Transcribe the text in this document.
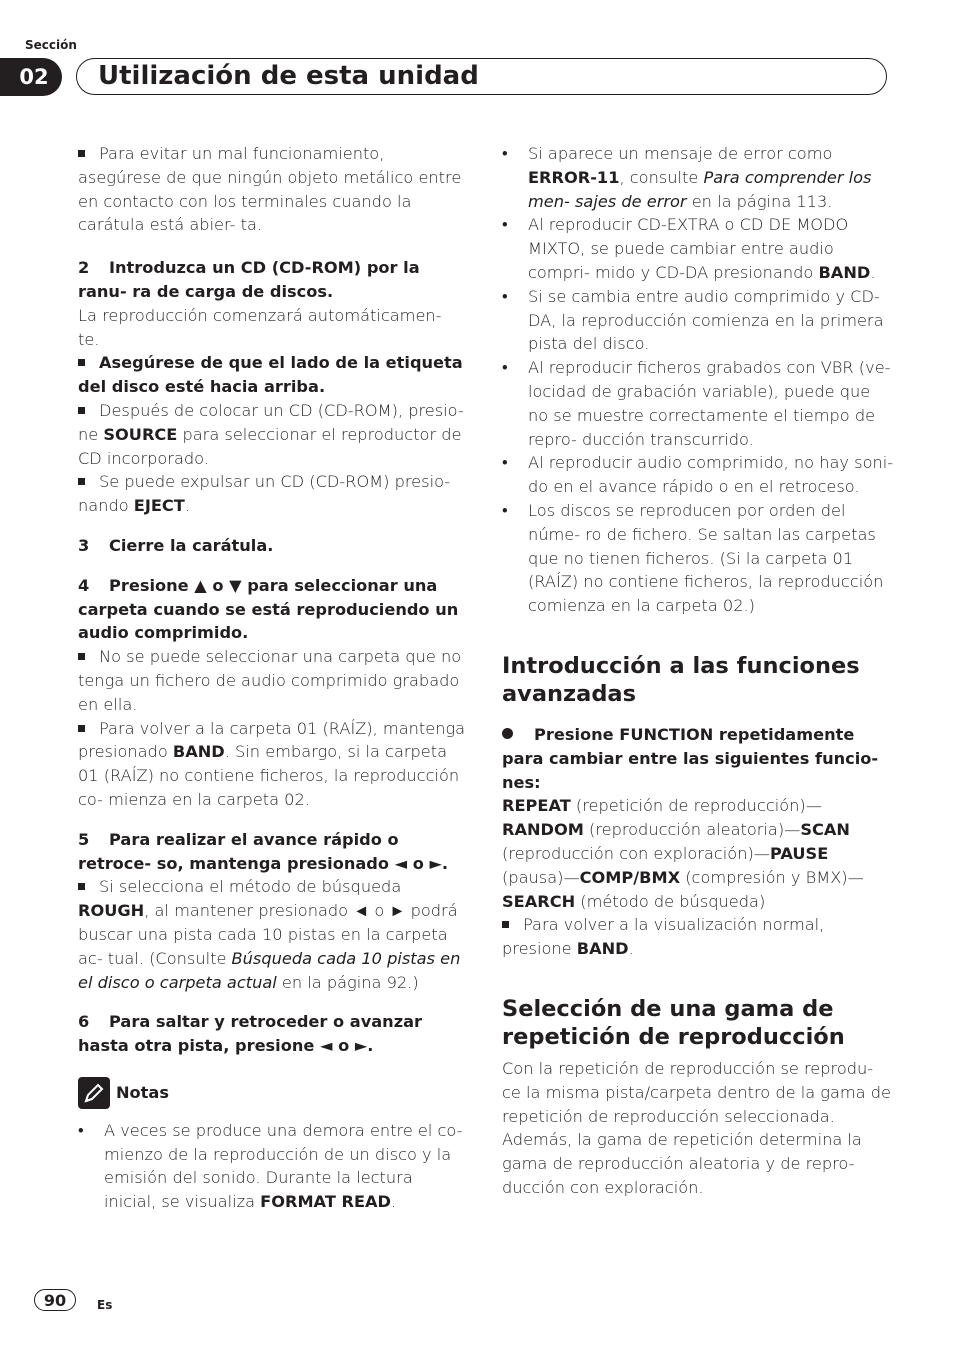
Sección
02	Utilización de esta unidad

Para evitar un mal funcionamiento, asegúrese de que ningún objeto metálico entre en contacto con los terminales cuando la carátula está abier- ta.

2 Introduzca un CD (CD-ROM) por la ranu- ra de carga de discos.

La reproducción comenzará automáticamen- te.

Asegúrese de que el lado de la etiqueta del disco esté hacia arriba.

Después de colocar un CD (CD-ROM), presio- ne SOURCE para seleccionar el reproductor de CD incorporado.

Se puede expulsar un CD (CD-ROM) presio- nando EJECT.

3 Cierre la carátula.

4 Presione ▲ o ▼ para seleccionar una carpeta cuando se está reproduciendo un audio comprimido.

No se puede seleccionar una carpeta que no tenga un fichero de audio comprimido grabado en ella.

Para volver a la carpeta 01 (RAÍZ), mantenga presionado BAND. Sin embargo, si la carpeta 01 (RAÍZ) no contiene ficheros, la reproducción co- mienza en la carpeta 02.

5 Para realizar el avance rápido o retroce- so, mantenga presionado ◄ o ►.

Si selecciona el método de búsqueda ROUGH, al mantener presionado ◄ o ► podrá buscar una pista cada 10 pistas en la carpeta ac- tual. (Consulte Búsqueda cada 10 pistas en el disco o carpeta actual en la página 92.)

6 Para saltar y retroceder o avanzar hasta otra pista, presione ◄ o ►.

Notas

• A veces se produce una demora entre el co- mienzo de la reproducción de un disco y la emisión del sonido. Durante la lectura inicial, se visualiza FORMAT READ.

• Si aparece un mensaje de error como ERROR-11, consulte Para comprender los men- sajes de error en la página 113.

• Al reproducir CD-EXTRA o CD DE MODO MIXTO, se puede cambiar entre audio compri- mido y CD-DA presionando BAND.

• Si se cambia entre audio comprimido y CD- DA, la reproducción comienza en la primera pista del disco.

• Al reproducir ficheros grabados con VBR (ve- locidad de grabación variable), puede que no se muestre correctamente el tiempo de repro- ducción transcurrido.

• Al reproducir audio comprimido, no hay soni- do en el avance rápido o en el retroceso.

• Los discos se reproducen por orden del núme- ro de fichero. Se saltan las carpetas que no tienen ficheros. (Si la carpeta 01 (RAÍZ) no contiene ficheros, la reproducción comienza en la carpeta 02.)

Introducción a las funciones avanzadas

Presione FUNCTION repetidamente para cambiar entre las siguientes funcio- nes:

REPEAT (repetición de reproducción)—RANDOM (reproducción aleatoria)—SCAN (reproducción con exploración)—PAUSE (pausa)—COMP/BMX (compresión y BMX)—SEARCH (método de búsqueda)

Para volver a la visualización normal, presione BAND.

Selección de una gama de repetición de reproducción

Con la repetición de reproducción se reprodu- ce la misma pista/carpeta dentro de la gama de repetición de reproducción seleccionada. Además, la gama de repetición determina la gama de reproducción aleatoria y de repro- ducción con exploración.

90	Es
